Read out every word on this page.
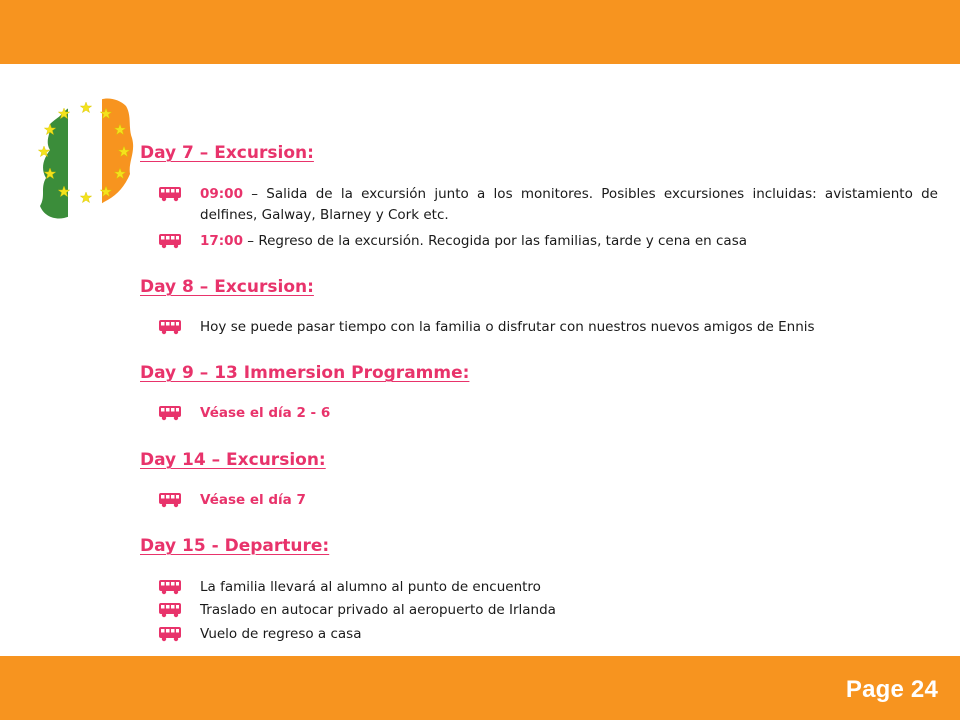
Day 7 – Excursion:
09:00 – Salida de la excursión junto a los monitores. Posibles excursiones incluidas: avistamiento de delfines, Galway, Blarney y Cork etc.
17:00 – Regreso de la excursión. Recogida por las familias, tarde y cena en casa
Day 8 – Excursion:
Hoy se puede pasar tiempo con la familia o disfrutar con nuestros nuevos amigos de Ennis
Day 9 – 13 Immersion Programme:
Véase el día 2 - 6
Day 14 – Excursion:
Véase el día 7
Day 15 - Departure:
La familia llevará al alumno al punto de encuentro
Traslado en autocar privado al aeropuerto de Irlanda
Vuelo de regreso a casa
Page 24
